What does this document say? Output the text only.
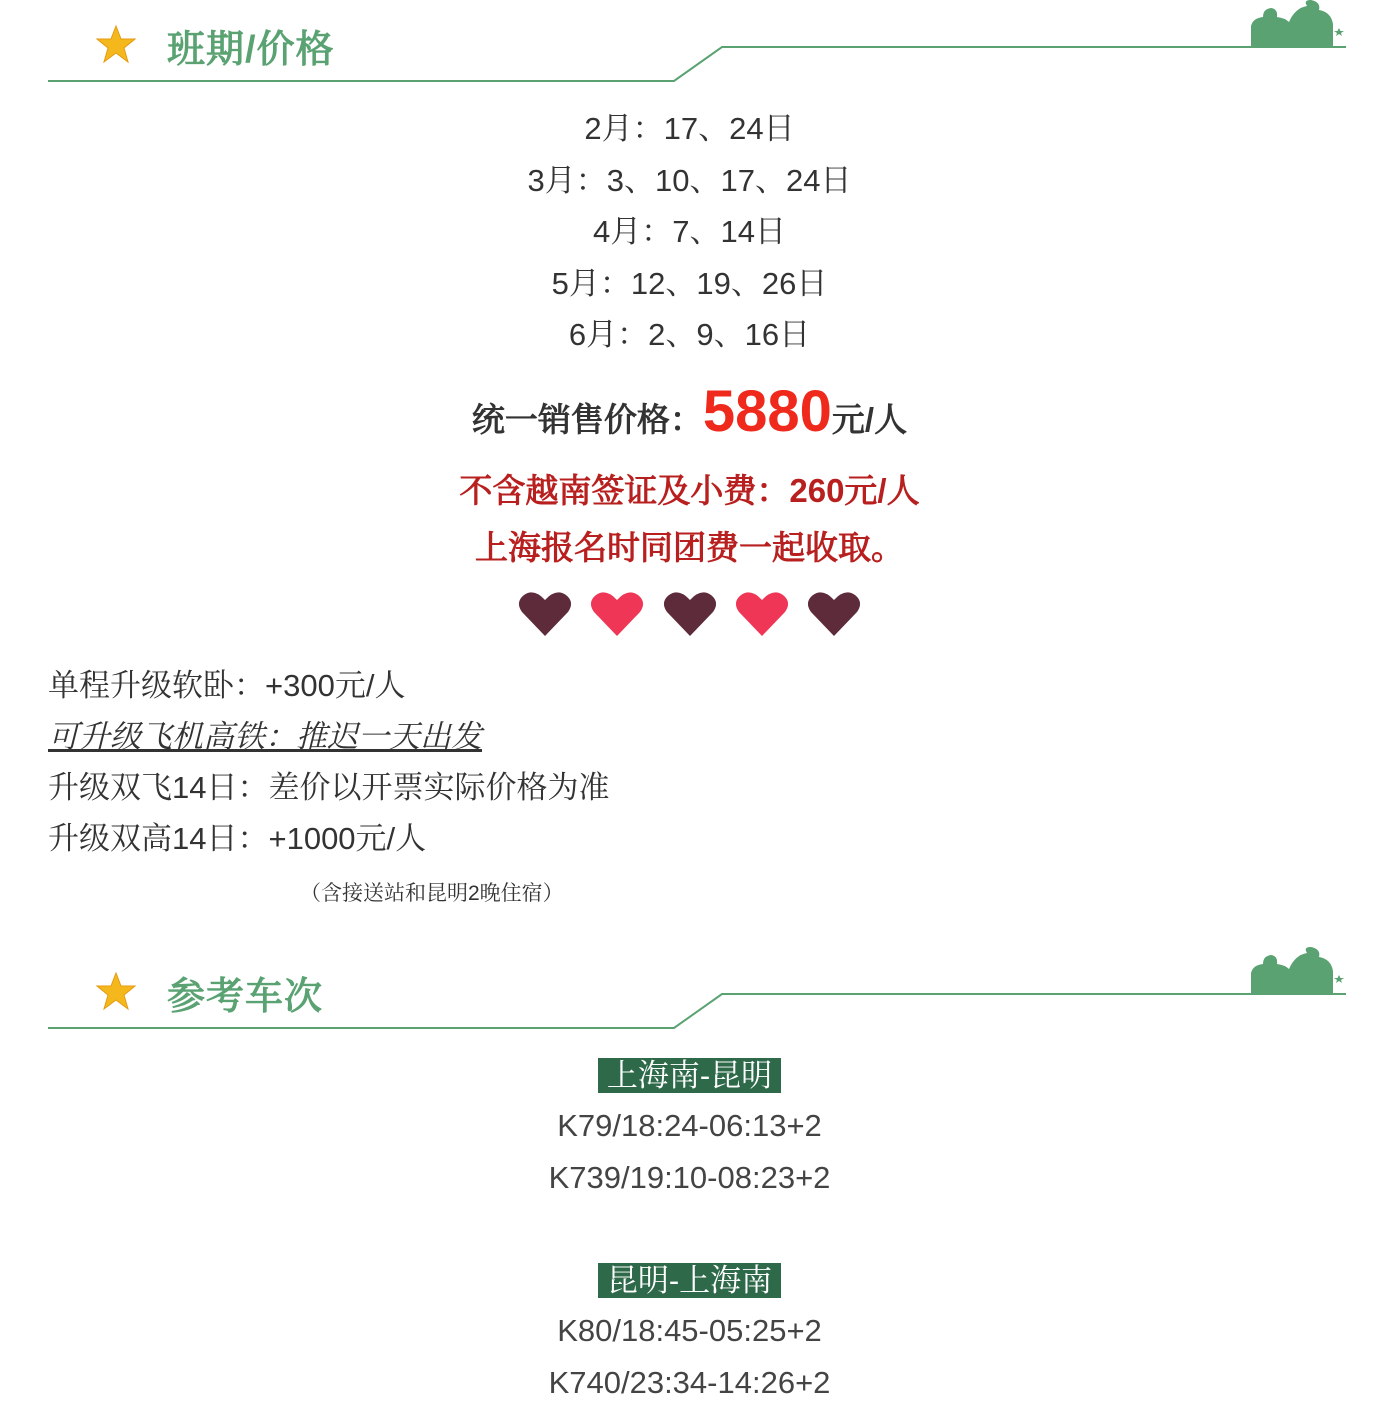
班期/价格
2月：17、24日
3月：3、10、17、24日
4月：7、14日
5月：12、19、26日
6月：2、9、16日
统一销售价格：5880元/人
不含越南签证及小费：260元/人
上海报名时同团费一起收取。

单程升级软卧：+300元/人
可升级飞机高铁：推迟一天出发
升级双飞14日：差价以开票实际价格为准
升级双高14日：+1000元/人
（含接送站和昆明2晚住宿）
参考车次
上海南-昆明
K79/18:24-06:13+2
K739/19:10-08:23+2
昆明-上海南
K80/18:45-05:25+2
K740/23:34-14:26+2
